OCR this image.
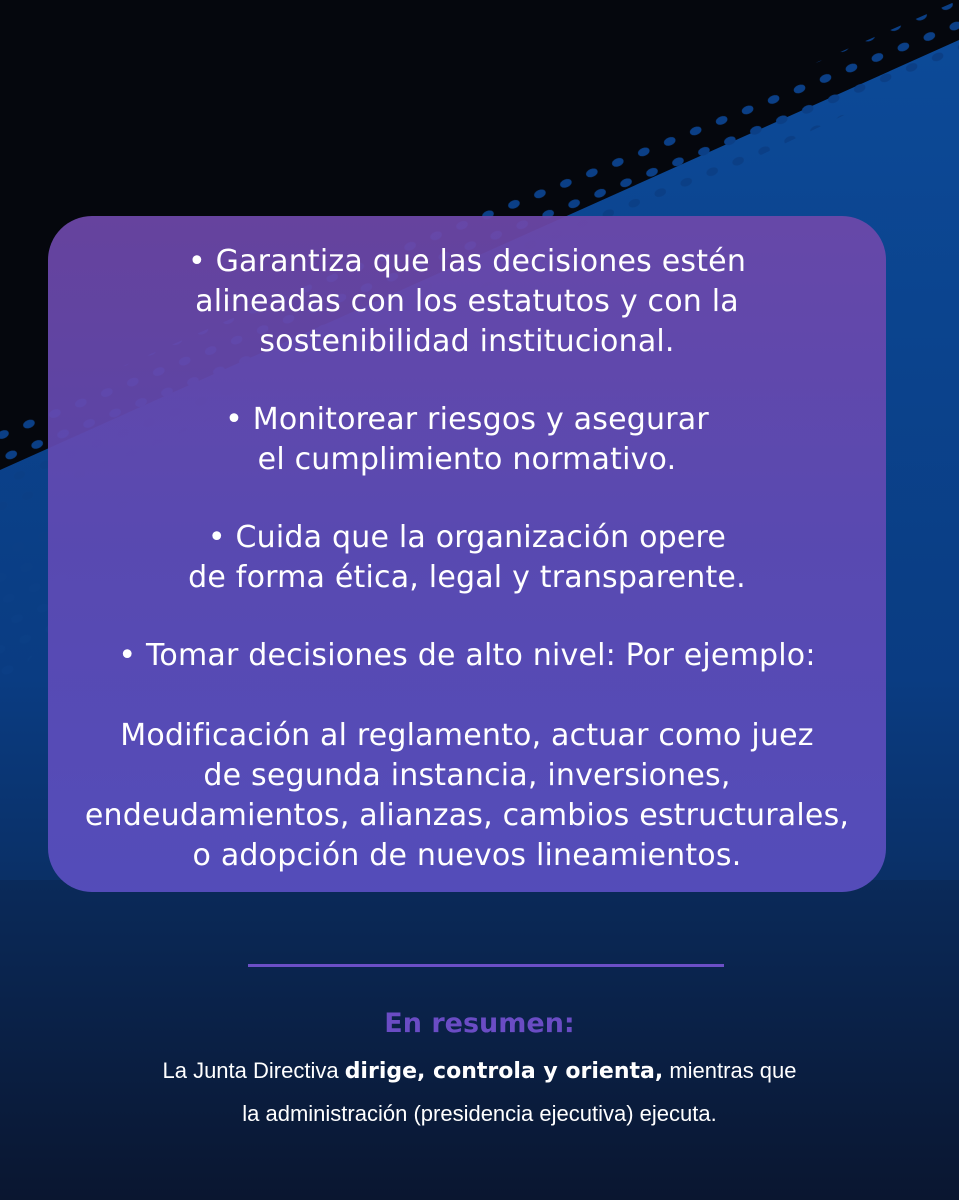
• Garantiza que las decisiones estén
alineadas con los estatutos y con la
sostenibilidad institucional.
• Monitorear riesgos y asegurar
el cumplimiento normativo.
• Cuida que la organización opere
de forma ética, legal y transparente.
• Tomar decisiones de alto nivel: Por ejemplo:
Modificación al reglamento, actuar como juez
de segunda instancia, inversiones,
endeudamientos, alianzas, cambios estructurales,
o adopción de nuevos lineamientos.
En resumen:
La Junta Directiva dirige, controla y orienta, mientras que
la administración (presidencia ejecutiva) ejecuta.
